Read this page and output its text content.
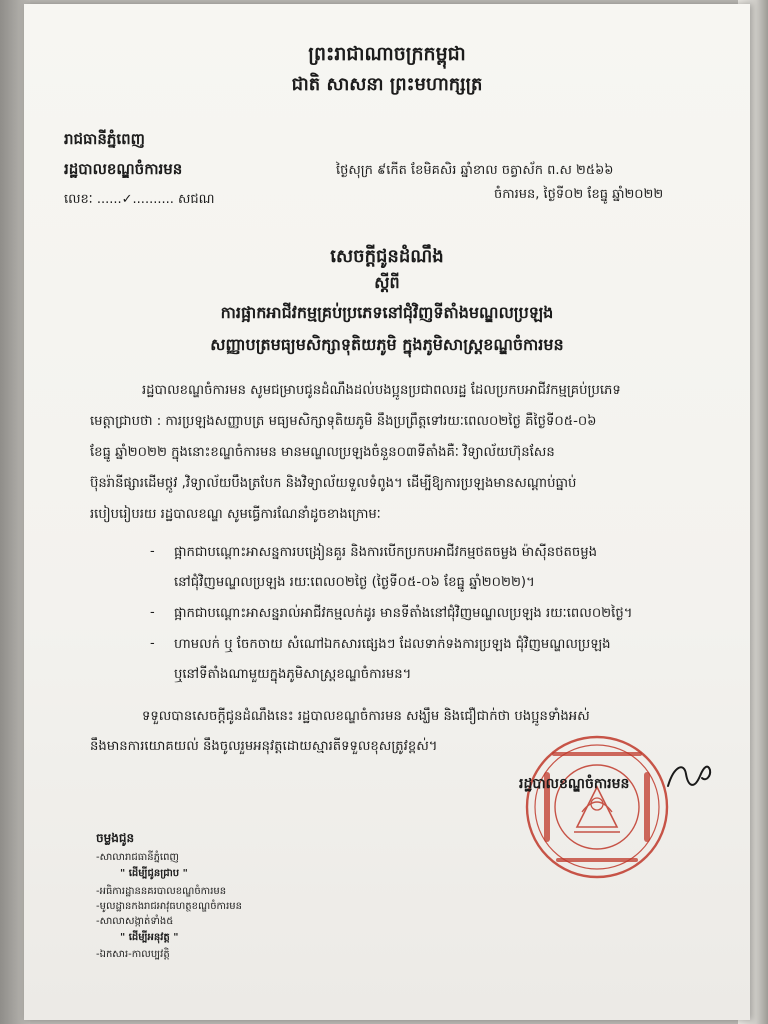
ព្រះរាជាណាចក្រកម្ពុជា
ជាតិ សាសនា ព្រះមហាក្សត្រ
រាជធានីភ្នំពេញ
រដ្ឋបាលខណ្ឌចំការមន
លេខៈ ......✓.......... សជណ
ថ្ងៃសុក្រ ៩កើត ខែមិគសិរ ឆ្នាំខាល ចត្វាស័ក ព.ស ២៥៦៦
ចំការមន, ថ្ងៃទី០២ ខែធ្នូ ឆ្នាំ២០២២
សេចក្តីជូនដំណឹង
ស្តីពី
ការផ្អាកអាជីវកម្មគ្រប់ប្រភេទនៅជុំវិញទីតាំងមណ្ឌលប្រឡង
សញ្ញាបត្រមធ្យមសិក្សាទុតិយភូមិ ក្នុងភូមិសាស្រ្តខណ្ឌចំការមន
រដ្ឋបាលខណ្ឌចំការមន សូមជម្រាបជូនដំណឹងដល់បងប្អូនប្រជាពលរដ្ឋ ដែលប្រកបអាជីវកម្មគ្រប់ប្រភេទ
មេត្តាជ្រាបថា : ការប្រឡងសញ្ញាបត្រ មធ្យមសិក្សាទុតិយភូមិ នឹងប្រព្រឹត្តទៅរយៈពេល០២ថ្ងៃ គឺថ្ងៃទី០៥-០៦
ខែធ្នូ ឆ្នាំ២០២២ ក្នុងនោះខណ្ឌចំការមន មានមណ្ឌលប្រឡងចំនួន០៣ទីតាំងគឺៈ វិទ្យាល័យហ៊ុនសែន
ប៊ុនរ៉ានីផ្សារដើមថ្កូវ ,វិទ្យាល័យបឹងត្របែក និងវិទ្យាល័យទួលទំពូង។ ដើម្បីឱ្យការប្រឡងមានសណ្តាប់ធ្នាប់
របៀបរៀបរយ រដ្ឋបាលខណ្ឌ សូមធ្វើការណែនាំដូចខាងក្រោមៈ
- ផ្អាកជាបណ្តោះអាសន្នការបង្រៀនគួរ និងការបើកប្រកបអាជីវកម្មថតចម្លង ម៉ាស៊ីនថតចម្លង
នៅជុំវិញមណ្ឌលប្រឡង រយៈពេល០២ថ្ងៃ (ថ្ងៃទី០៥-០៦ ខែធ្នូ ឆ្នាំ២០២២)។
- ផ្អាកជាបណ្តោះអាសន្នរាល់អាជីវកម្មលក់ដូរ មានទីតាំងនៅជុំវិញមណ្ឌលប្រឡង រយៈពេល០២ថ្ងៃ។
- ហាមលក់ ឬ ចែកចាយ សំណៅឯកសារផ្សេងៗ ដែលទាក់ទងការប្រឡង ជុំវិញមណ្ឌលប្រឡង
ឬនៅទីតាំងណាមួយក្នុងភូមិសាស្រ្តខណ្ឌចំការមន។
ទទួលបានសេចក្តីជូនដំណឹងនេះ រដ្ឋបាលខណ្ឌចំការមន សង្ឃឹម និងជឿជាក់ថា បងប្អូនទាំងអស់
នឹងមានការយោគយល់ នឹងចូលរួមអនុវត្តដោយស្មារតីទទួលខុសត្រូវខ្ពស់។
រដ្ឋបាលខណ្ឌចំការមន
ចម្លងជូន
-សាលារាជធានីភ្នំពេញ
" ដើម្បីជូនជ្រាប "
-អធិការដ្ឋាននគរបាលខណ្ឌចំការមន
-មូលដ្ឋានកងរាជអាវុធហត្ថខណ្ឌចំការមន
-សាលាសង្កាត់ទាំង៥
" ដើម្បីអនុវត្ត "
-ឯកសារ-កាលប្បវត្តិ
